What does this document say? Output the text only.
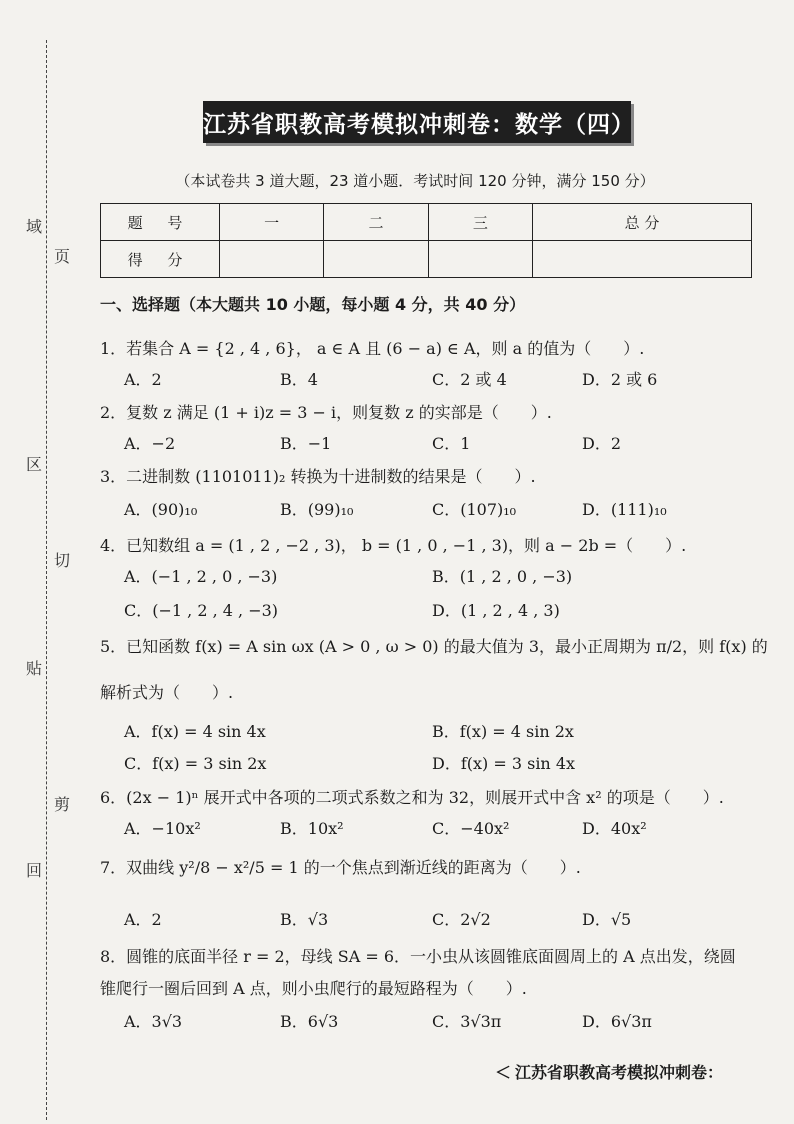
域
页
区
切
贴
剪
回
江苏省职教高考模拟冲刺卷：数学（四）
（本试卷共 3 道大题，23 道小题．考试时间 120 分钟，满分 150 分）
题 号	一	二	三	总 分
得 分				
一、选择题（本大题共 10 小题，每小题 4 分，共 40 分）
1．若集合 A = {2 , 4 , 6}， a ∈ A 且 (6 − a) ∈ A，则 a 的值为（　　）.
A．2	B．4	C．2 或 4	D．2 或 6
2．复数 z 满足 (1 + i)z = 3 − i，则复数 z 的实部是（　　）.
A．−2	B．−1	C．1	D．2
3．二进制数 (1101011)₂ 转换为十进制数的结果是（　　）.
A．(90)₁₀	B．(99)₁₀	C．(107)₁₀	D．(111)₁₀
4．已知数组 a = (1 , 2 , −2 , 3)， b = (1 , 0 , −1 , 3)，则 a − 2b =（　　）.
A．(−1 , 2 , 0 , −3)	B．(1 , 2 , 0 , −3)
C．(−1 , 2 , 4 , −3)	D．(1 , 2 , 4 , 3)
5．已知函数 f(x) = A sin ωx (A > 0 , ω > 0) 的最大值为 3，最小正周期为 π/2，则 f(x) 的
解析式为（　　）.
A．f(x) = 4 sin 4x	B．f(x) = 4 sin 2x
C．f(x) = 3 sin 2x	D．f(x) = 3 sin 4x
6．(2x − 1)ⁿ 展开式中各项的二项式系数之和为 32，则展开式中含 x² 的项是（　　）.
A．−10x²	B．10x²	C．−40x²	D．40x²
7．双曲线 y²/8 − x²/5 = 1 的一个焦点到渐近线的距离为（　　）.
A．2	B．√3	C．2√2	D．√5
8．圆锥的底面半径 r = 2，母线 SA = 6．一小虫从该圆锥底面圆周上的 A 点出发，绕圆
锥爬行一圈后回到 A 点，则小虫爬行的最短路程为（　　）.
A．3√3	B．6√3	C．3√3π	D．6√3π
＜ 江苏省职教高考模拟冲刺卷：
